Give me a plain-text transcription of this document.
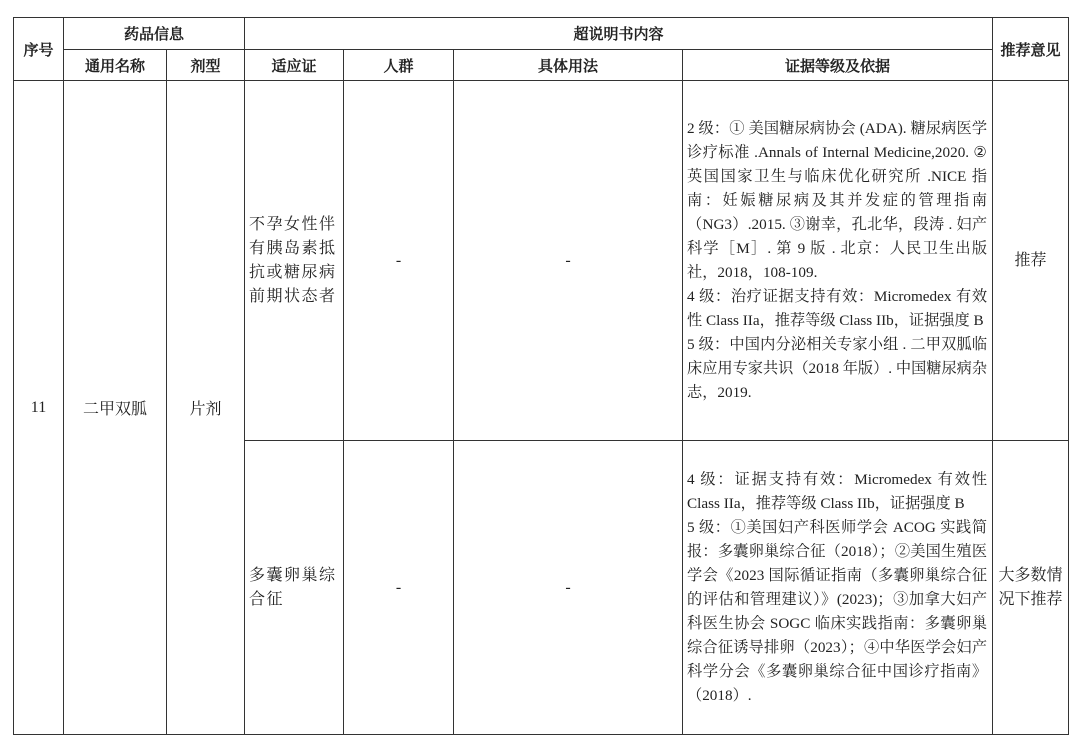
序号	药品信息		超说明书内容				推荐意见
	通用名称	剂型	适应证	人群	具体用法	证据等级及依据	
11	二甲双胍	片剂	不孕女性伴有胰岛素抵抗或糖尿病前期状态者	-	-	2 级：① 美国糖尿病协会 (ADA). 糖尿病医学诊疗标准 .Annals of Internal Medicine,2020. ②英国国家卫生与临床优化研究所 .NICE 指南：妊娠糖尿病及其并发症的管理指南（NG3）.2015. ③谢幸，孔北华，段涛 . 妇产科学［M］. 第 9 版 . 北京：人民卫生出版社，2018，108-109.
4 级：治疗证据支持有效：Micromedex 有效性 Class IIa，推荐等级 Class IIb，证据强度 B
5 级：中国内分泌相关专家小组 . 二甲双胍临床应用专家共识（2018 年版）. 中国糖尿病杂志，2019.	推荐
			多囊卵巢综合征	-	-	4 级：证据支持有效：Micromedex 有效性 Class IIa，推荐等级 Class IIb，证据强度 B
5 级：①美国妇产科医师学会 ACOG 实践简报：多囊卵巢综合征（2018）；②美国生殖医学会《2023 国际循证指南（多囊卵巢综合征的评估和管理建议）》(2023)；③加拿大妇产科医生协会 SOGC 临床实践指南：多囊卵巢综合征诱导排卵（2023）；④中华医学会妇产科学分会《多囊卵巢综合征中国诊疗指南》（2018）.	大多数情况下推荐
